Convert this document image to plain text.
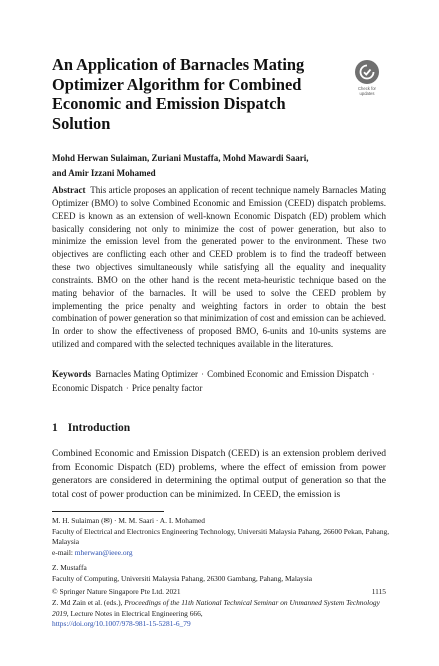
An Application of Barnacles Mating Optimizer Algorithm for Combined Economic and Emission Dispatch Solution
Check for
updates

Mohd Herwan Sulaiman, Zuriani Mustaffa, Mohd Mawardi Saari,
and Amir Izzani Mohamed

Abstract This article proposes an application of recent technique namely Barnacles Mating Optimizer (BMO) to solve Combined Economic and Emission (CEED) dispatch problems. CEED is known as an extension of well-known Economic Dispatch (ED) problem which basically considering not only to minimize the cost of power generation, but also to minimize the emission level from the generated power to the environment. These two objectives are conflicting each other and CEED problem is to find the tradeoff between these two objectives simultaneously while satisfying all the equality and inequality constraints. BMO on the other hand is the recent meta-heuristic technique based on the mating behavior of the barnacles. It will be used to solve the CEED problem by implementing the price penalty and weighting factors in order to obtain the best combination of power generation so that minimization of cost and emission can be achieved. In order to show the effectiveness of proposed BMO, 6-units and 10-units systems are utilized and compared with the selected techniques available in the literatures.

Keywords Barnacles Mating Optimizer · Combined Economic and Emission Dispatch · Economic Dispatch · Price penalty factor

1 Introduction

Combined Economic and Emission Dispatch (CEED) is an extension problem derived from Economic Dispatch (ED) problems, where the effect of emission from power generators are considered in determining the optimal output of generation so that the total cost of power production can be minimized. In CEED, the emission is

M. H. Sulaiman (✉) · M. M. Saari · A. I. Mohamed

Faculty of Electrical and Electronics Engineering Technology, Universiti Malaysia Pahang, 26600 Pekan, Pahang, Malaysia

e-mail: mherwan@ieee.org

Z. Mustaffa

Faculty of Computing, Universiti Malaysia Pahang, 26300 Gambang, Pahang, Malaysia

1115

© Springer Nature Singapore Pte Ltd. 2021

Z. Md Zain et al. (eds.), Proceedings of the 11th National Technical Seminar on Unmanned System Technology 2019, Lecture Notes in Electrical Engineering 666,

https://doi.org/10.1007/978-981-15-5281-6_79
